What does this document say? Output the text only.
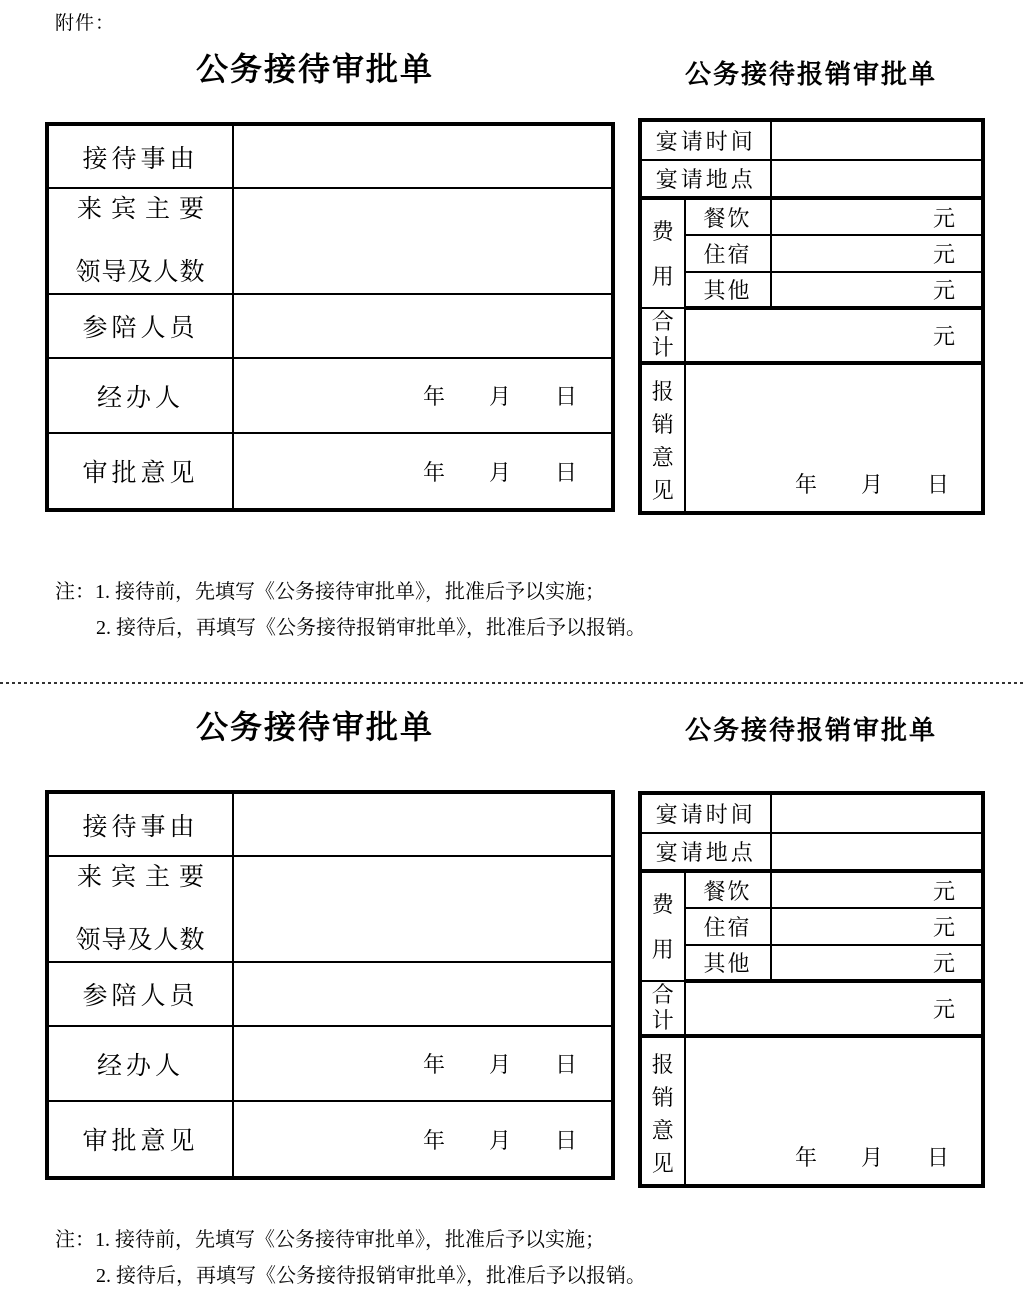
附件：
公务接待审批单	公务接待报销审批单
接待事由	

来宾主要
领导及人数	

参陪人员	
经办人	年　　月　　日
审批意见	年　　月　　日
宴请时间		
宴请地点		
费用	餐饮	元
	住宿	元
	其他	元
合计	元	
报销意见	年　　月　　日	
注：1. 接待前，先填写《公务接待审批单》，批准后予以实施；
2. 接待后，再填写《公务接待报销审批单》，批准后予以报销。
公务接待审批单	公务接待报销审批单
接待事由	

来宾主要
领导及人数	

参陪人员	
经办人	年　　月　　日
审批意见	年　　月　　日
宴请时间		
宴请地点		
费用	餐饮	元
	住宿	元
	其他	元
合计	元	
报销意见	年　　月　　日	
注：1. 接待前，先填写《公务接待审批单》，批准后予以实施；
2. 接待后，再填写《公务接待报销审批单》，批准后予以报销。
